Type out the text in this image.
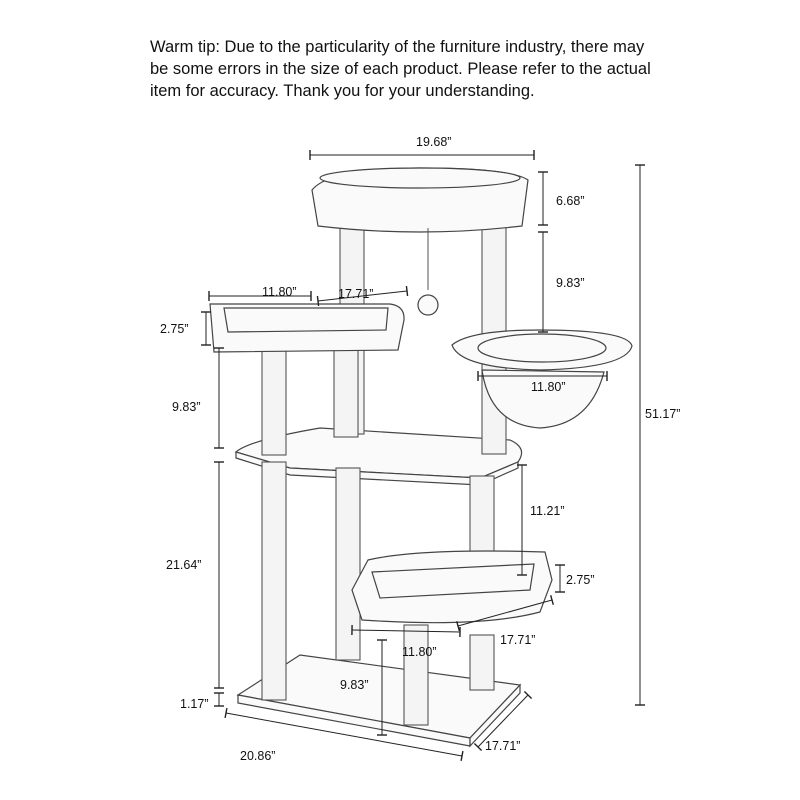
Warm tip: Due to the particularity of the furniture industry, there may

be some errors in the size of each product. Please refer to the actual

item for accuracy. Thank you for your understanding.

19.68”
6.68”
9.83”
51.17”
11.80”	17.71”
2.75”
9.83”
11.80”
11.21”
2.75”
21.64”
17.71”
11.80”
9.83”
1.17”
20.86”
17.71”
